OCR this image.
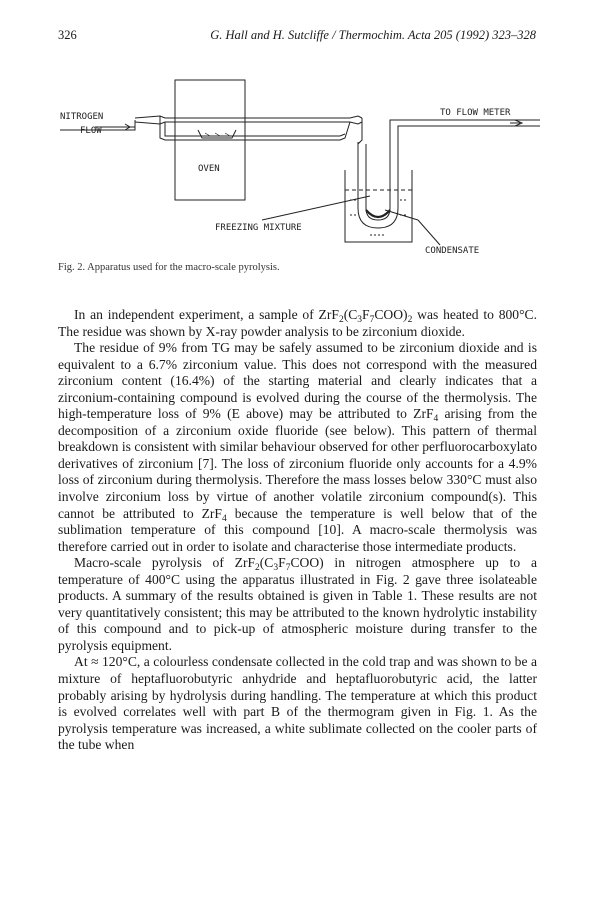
326	G. Hall and H. Sutcliffe / Thermochim. Acta 205 (1992) 323–328
NITROGEN
FLOW
TO FLOW METER
OVEN
FREEZING MIXTURE
CONDENSATE
Fig. 2. Apparatus used for the macro-scale pyrolysis.

In an independent experiment, a sample of $ZrF_2(C_3F_7COO)_2$ was heated to 800°C. The residue was shown by X-ray powder analysis to be zirconium dioxide.

The residue of 9% from TG may be safely assumed to be zirconium dioxide and is equivalent to a 6.7% zirconium value. This does not correspond with the measured zirconium content (16.4%) of the starting material and clearly indicates that a zirconium-containing compound is evolved during the course of the thermolysis. The high-temperature loss of 9% (E above) may be attributed to ZrF$_4$ arising from the decomposition of a zirconium oxide fluoride (see below). This pattern of thermal breakdown is consistent with similar behaviour observed for other perfluorocarboxylato derivatives of zirconium [7]. The loss of zirconium fluoride only accounts for a 4.9% loss of zirconium during thermolysis. Therefore the mass losses below 330°C must also involve zirconium loss by virtue of another volatile zirconium compound(s). This cannot be attributed to ZrF$_4$ because the temperature is well below that of the sublimation temperature of this compound [10]. A macro-scale thermolysis was therefore carried out in order to isolate and characterise those intermediate products.

Macro-scale pyrolysis of $ZrF_2(C_3F_7COO)$ in nitrogen atmosphere up to a temperature of 400°C using the apparatus illustrated in Fig. 2 gave three isolateable products. A summary of the results obtained is given in Table 1. These results are not very quantitatively consistent; this may be attributed to the known hydrolytic instability of this compound and to pick-up of atmospheric moisture during transfer to the pyrolysis equipment.

At ≈ 120°C, a colourless condensate collected in the cold trap and was shown to be a mixture of heptafluorobutyric anhydride and heptafluorobutyric acid, the latter probably arising by hydrolysis during handling. The temperature at which this product is evolved correlates well with part B of the thermogram given in Fig. 1. As the pyrolysis temperature was increased, a white sublimate collected on the cooler parts of the tube when
